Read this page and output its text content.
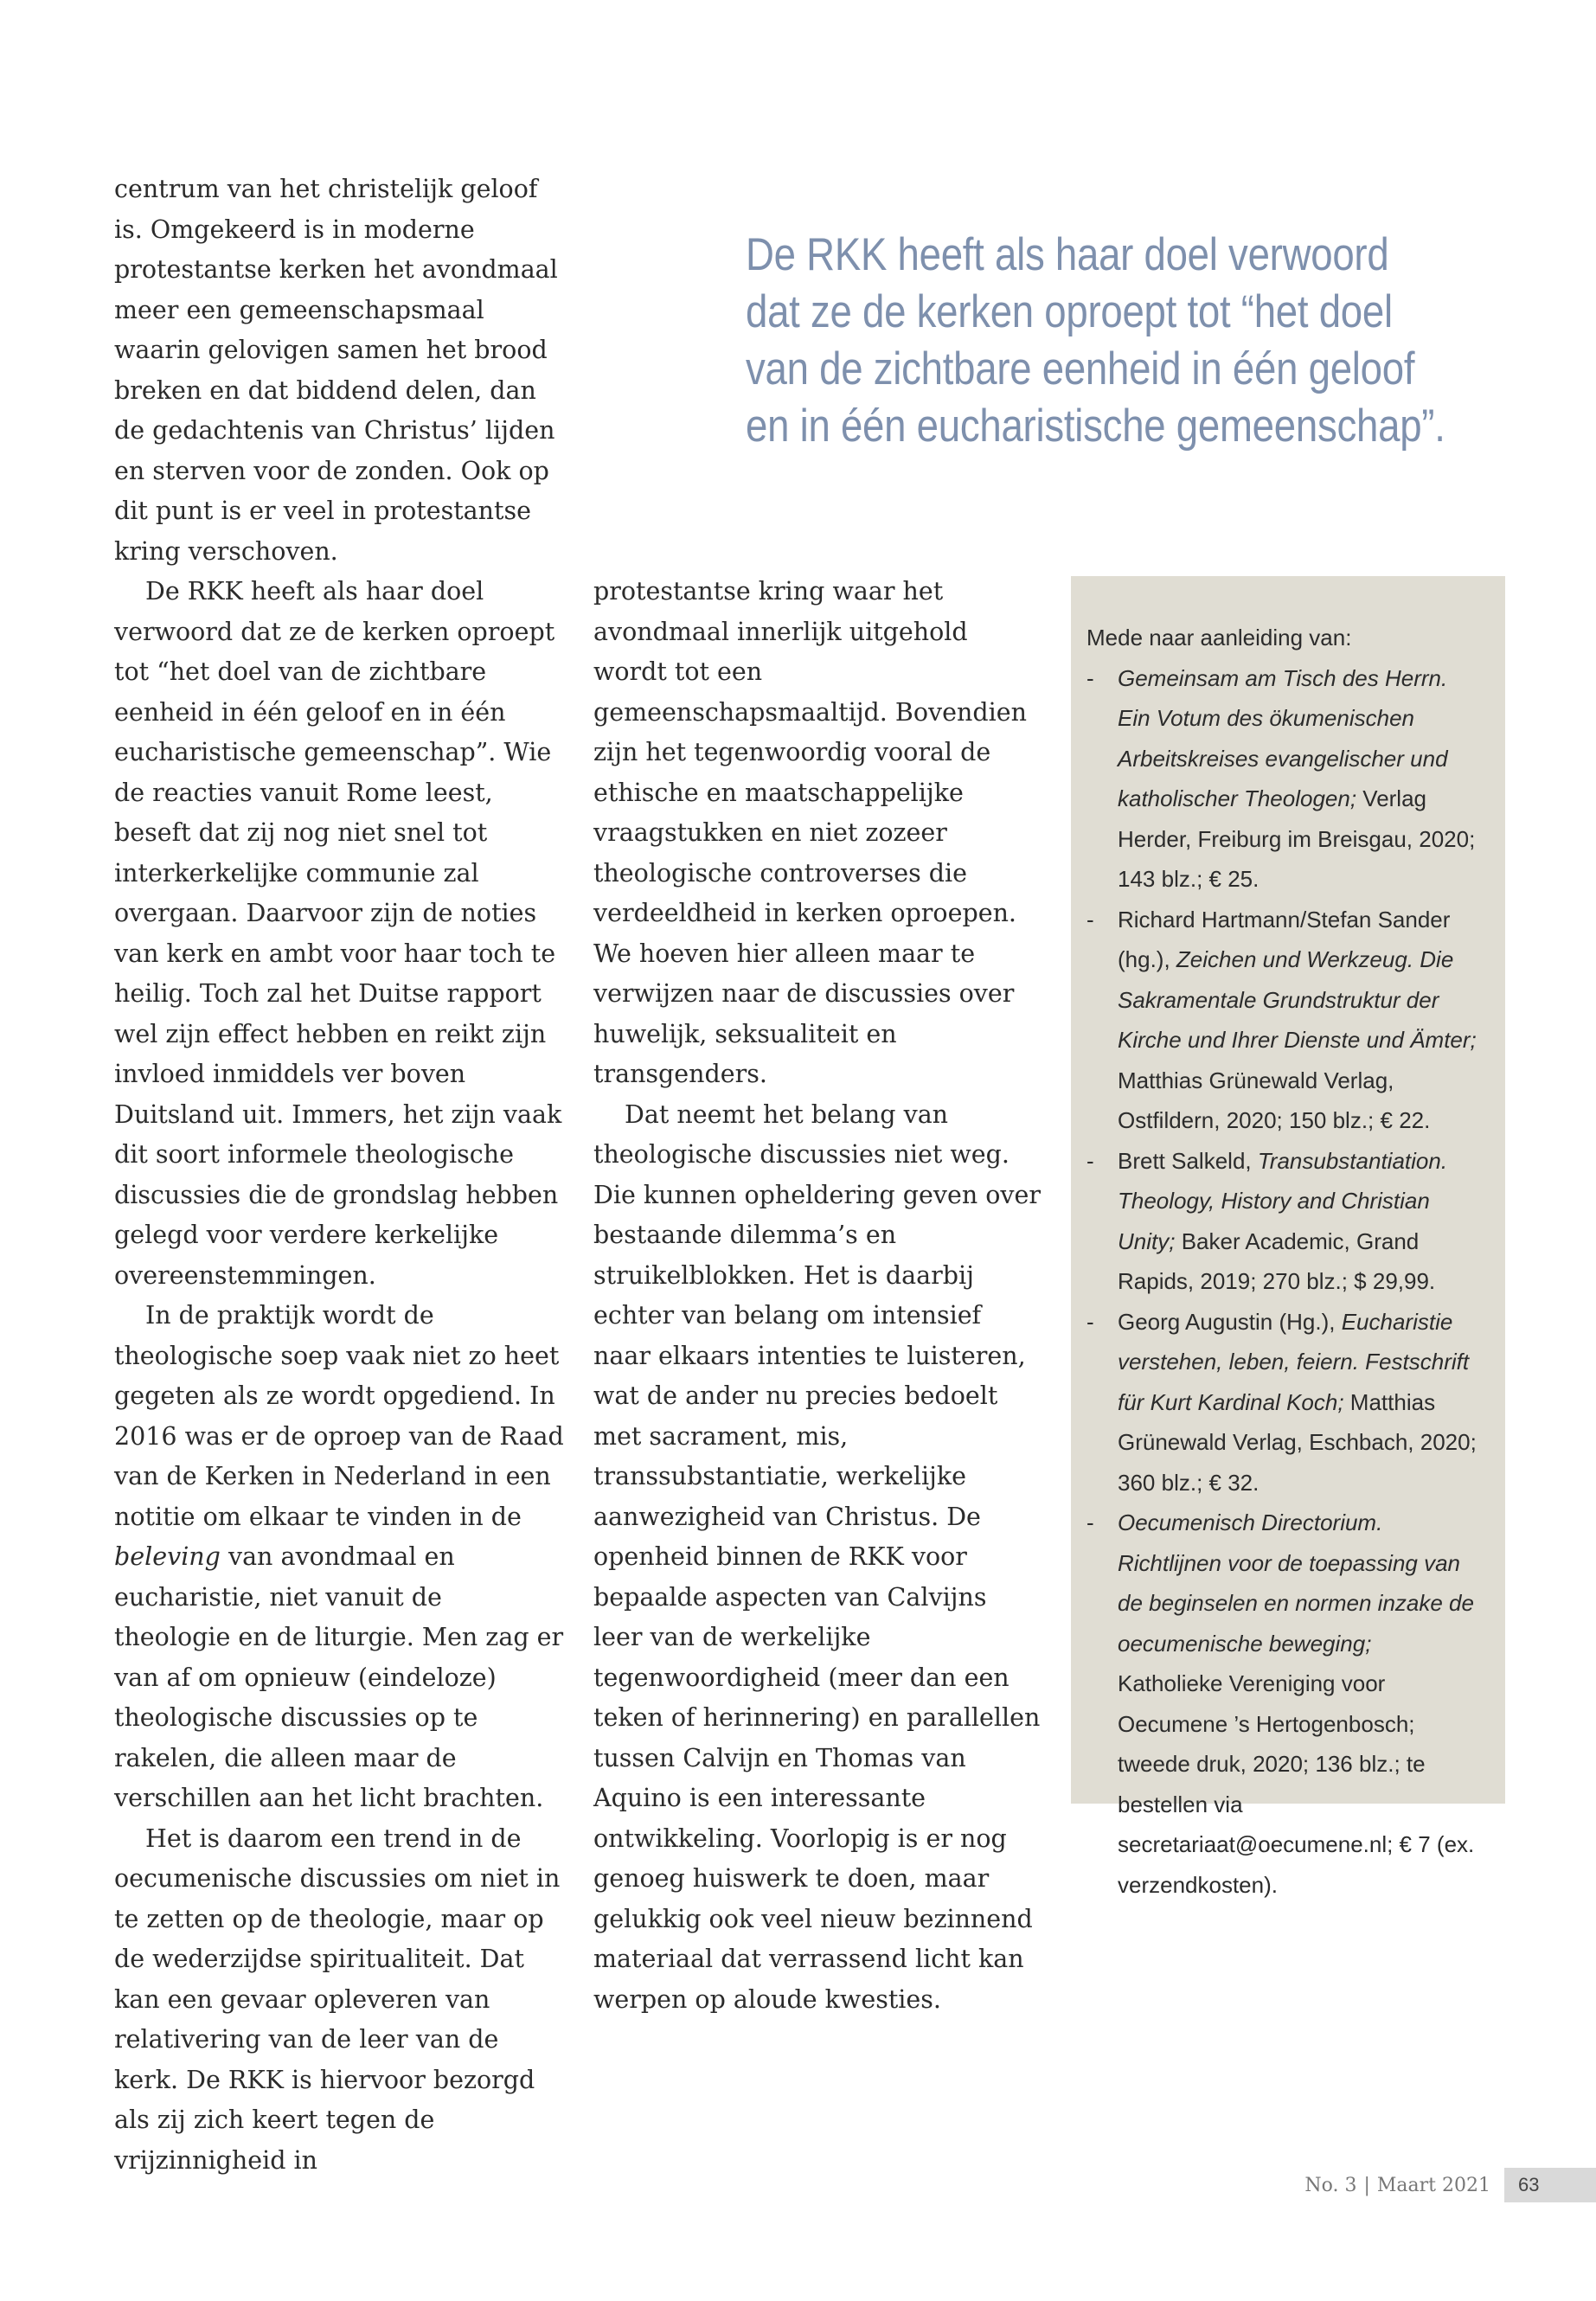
centrum van het christelijk geloof is. Omgekeerd is in moderne protestantse kerken het avondmaal meer een gemeenschapsmaal waarin gelovigen samen het brood breken en dat biddend delen, dan de gedachtenis van Christus’ lijden en sterven voor de zonden. Ook op dit punt is er veel in protestantse kring verschoven.

De RKK heeft als haar doel verwoord dat ze de kerken oproept tot “het doel van de zichtbare eenheid in één geloof en in één eucharistische gemeenschap”. Wie de reacties vanuit Rome leest, beseft dat zij nog niet snel tot interkerkelijke communie zal overgaan. Daarvoor zijn de noties van kerk en ambt voor haar toch te heilig. Toch zal het Duitse rapport wel zijn effect hebben en reikt zijn invloed inmiddels ver boven Duitsland uit. Immers, het zijn vaak dit soort informele theologische discussies die de grondslag hebben gelegd voor verdere kerkelijke overeenstemmingen.

In de praktijk wordt de theologische soep vaak niet zo heet gegeten als ze wordt opgediend. In 2016 was er de oproep van de Raad van de Kerken in Nederland in een notitie om elkaar te vinden in de beleving van avondmaal en eucharistie, niet vanuit de theologie en de liturgie. Men zag er van af om opnieuw (eindeloze) theologische discussies op te rakelen, die alleen maar de verschillen aan het licht brachten.

Het is daarom een trend in de oecumenische discussies om niet in te zetten op de theologie, maar op de wederzijdse spiritualiteit. Dat kan een gevaar opleveren van relativering van de leer van de kerk. De RKK is hiervoor bezorgd als zij zich keert tegen de vrijzinnigheid in

De RKK heeft als haar doel verwoord
dat ze de kerken oproept tot “het doel
van de zichtbare eenheid in één geloof
en in één eucharistische gemeenschap”.

protestantse kring waar het avondmaal innerlijk uitgehold wordt tot een gemeenschapsmaaltijd. Bovendien zijn het tegenwoordig vooral de ethische en maatschappelijke vraagstukken en niet zozeer theologische controverses die verdeeldheid in kerken oproepen. We hoeven hier alleen maar te verwijzen naar de discussies over huwelijk, seksualiteit en transgenders.

Dat neemt het belang van theologische discussies niet weg. Die kunnen opheldering geven over bestaande dilemma’s en struikelblokken. Het is daarbij echter van belang om intensief naar elkaars intenties te luisteren, wat de ander nu precies bedoelt met sacrament, mis, transsubstantiatie, werkelijke aanwezigheid van Christus. De openheid binnen de RKK voor bepaalde aspecten van Calvijns leer van de werkelijke tegenwoordigheid (meer dan een teken of herinnering) en parallellen tussen Calvijn en Thomas van Aquino is een interessante ontwikkeling. Voorlopig is er nog genoeg huiswerk te doen, maar gelukkig ook veel nieuw bezinnend materiaal dat verrassend licht kan werpen op aloude kwesties.

Mede naar aanleiding van:

- Gemeinsam am Tisch des Herrn. Ein Votum des ökumenischen Arbeitskreises evangelischer und katholischer Theologen; Verlag Herder, Freiburg im Breisgau, 2020; 143 blz.; € 25.
- Richard Hartmann/Stefan Sander (hg.), Zeichen und Werkzeug. Die Sakramentale Grundstruktur der Kirche und Ihrer Dienste und Ämter; Matthias Grünewald Verlag, Ostfildern, 2020; 150 blz.; € 22.
- Brett Salkeld, Transubstantiation. Theology, History and Christian Unity; Baker Academic, Grand Rapids, 2019; 270 blz.; $ 29,99.
- Georg Augustin (Hg.), Eucharistie verstehen, leben, feiern. Festschrift für Kurt Kardinal Koch; Matthias Grünewald Verlag, Eschbach, 2020; 360 blz.; € 32.
- Oecumenisch Directorium. Richtlijnen voor de toepassing van de beginselen en normen inzake de oecumenische beweging; Katholieke Vereniging voor Oecumene ’s Hertogenbosch; tweede druk, 2020; 136 blz.; te bestellen via secretariaat@oecumene.nl; € 7 (ex. verzendkosten).
No. 3 | Maart 2021	63
